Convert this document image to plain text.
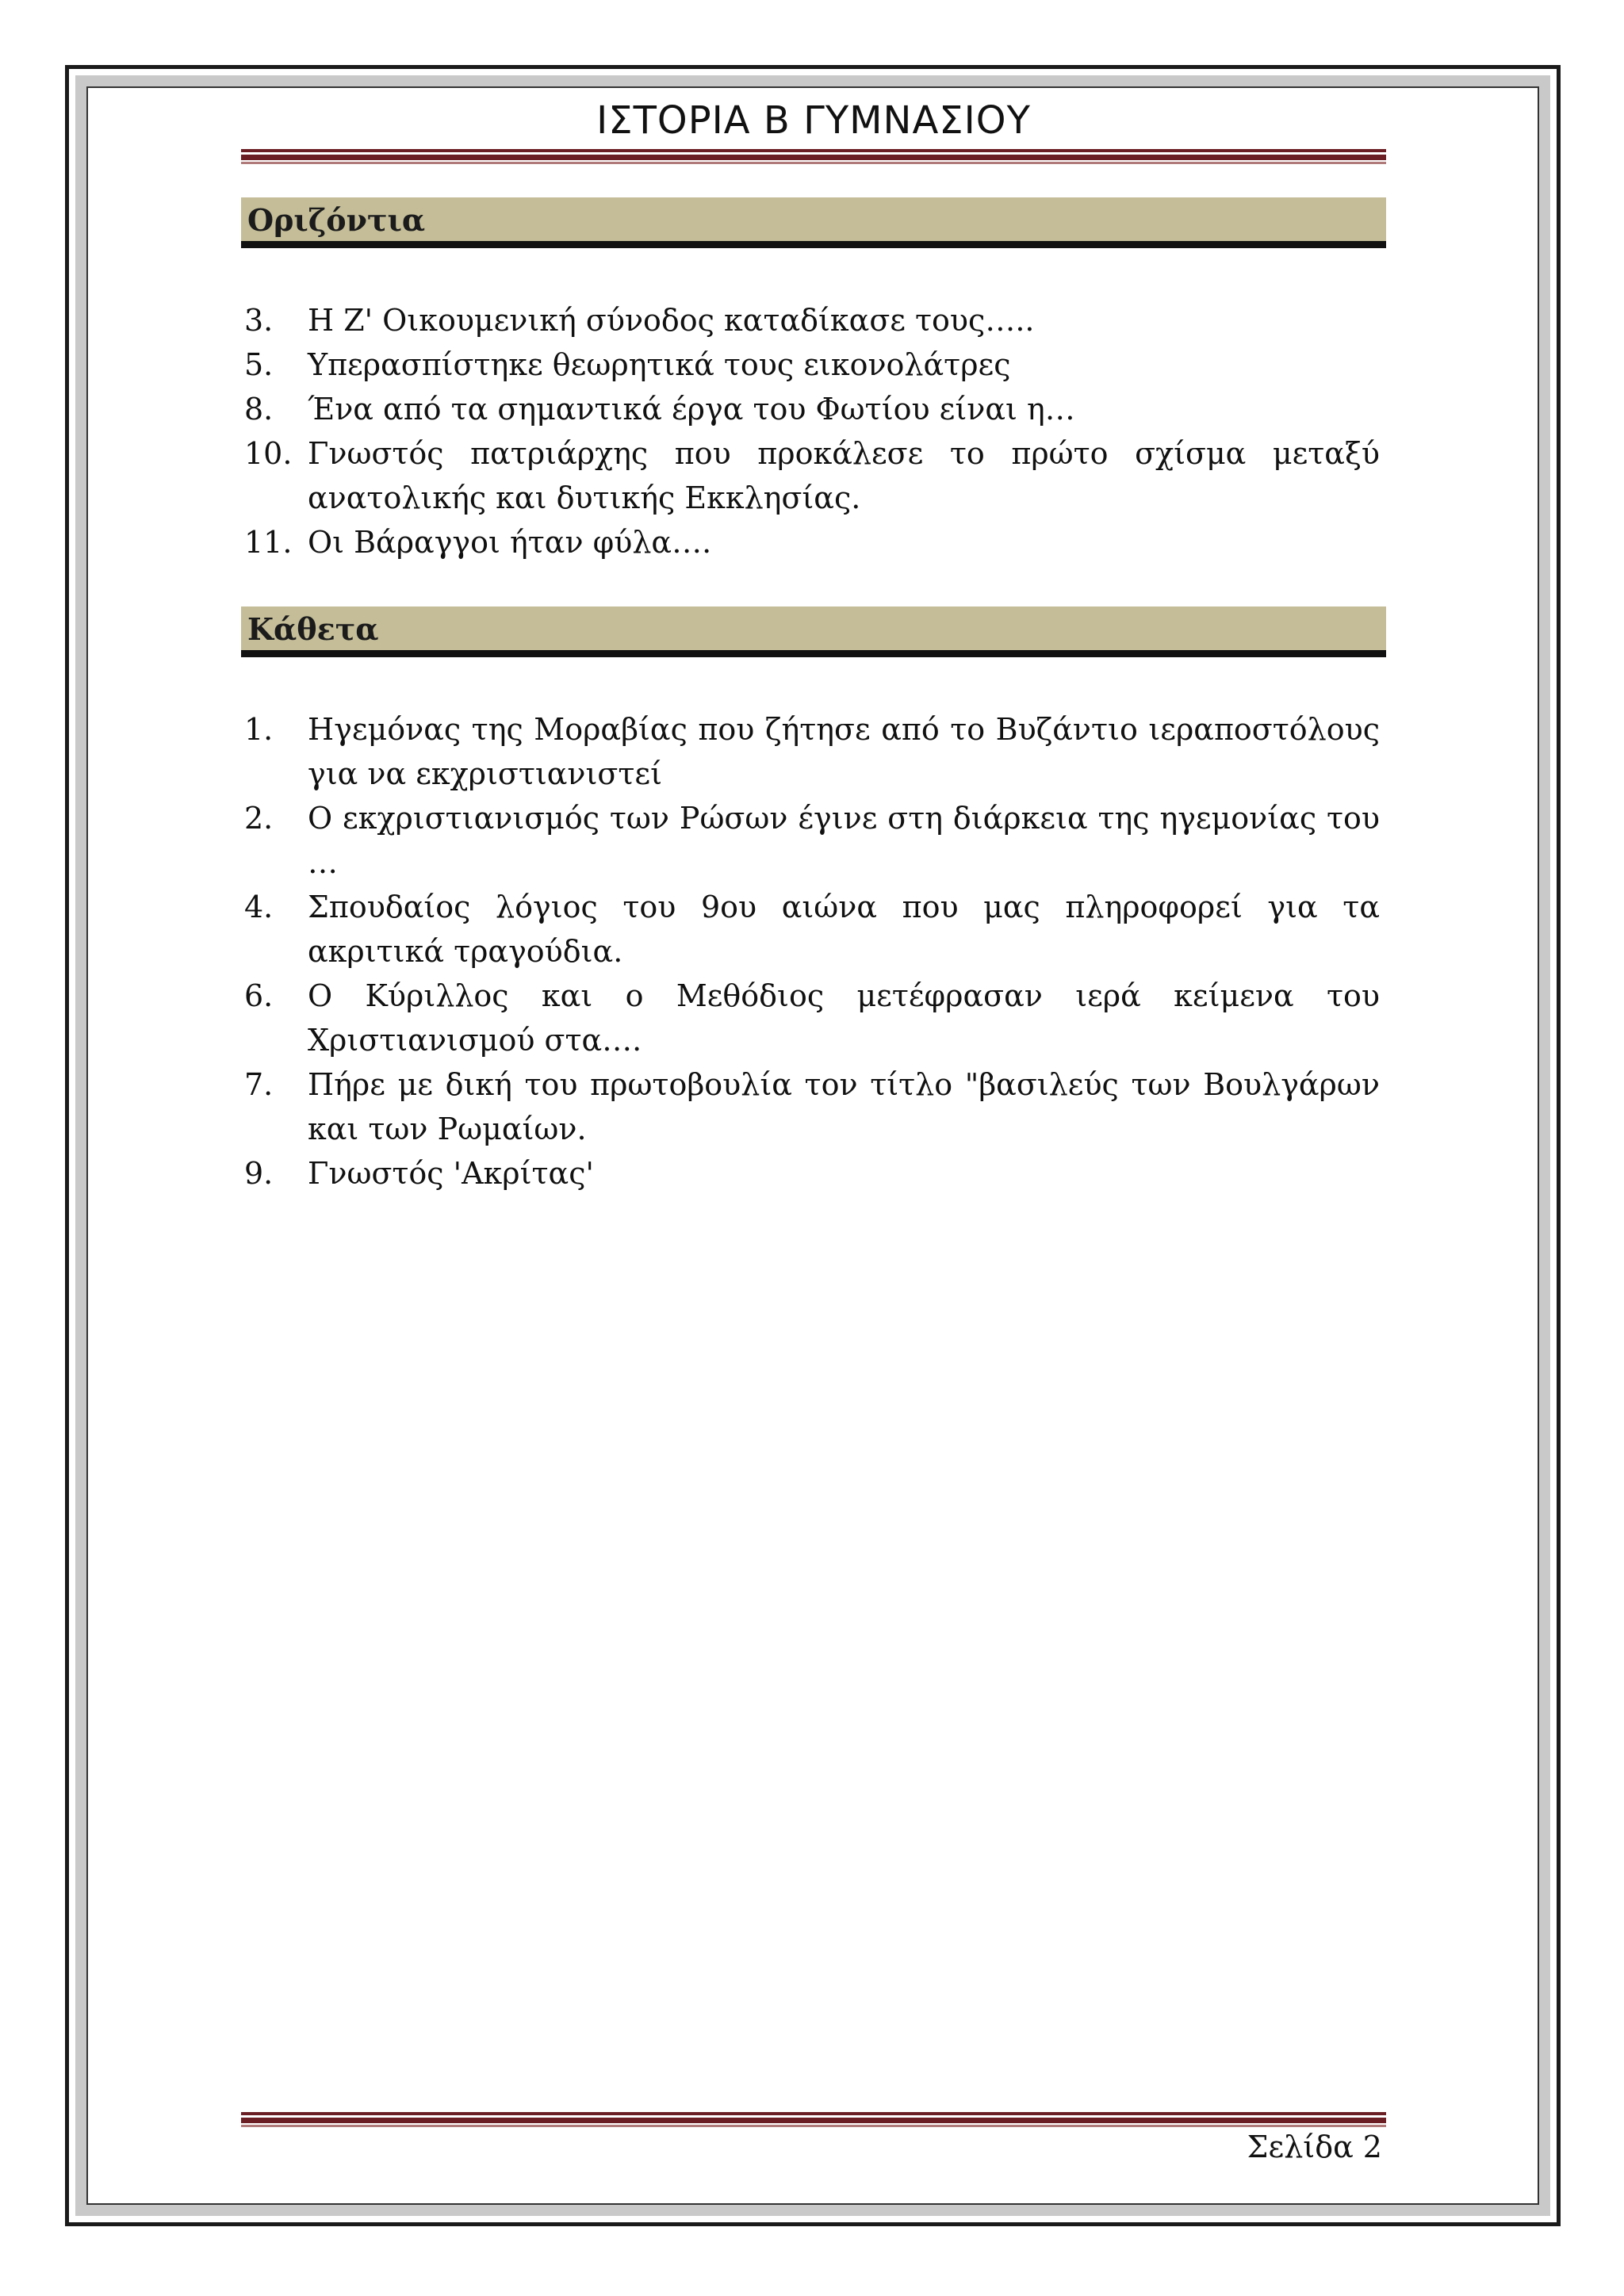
ΙΣΤΟΡΙΑ Β ΓΥΜΝΑΣΙΟΥ
Οριζόντια
3. Η Ζ' Οικουμενική σύνοδος καταδίκασε τους…..
5. Υπερασπίστηκε θεωρητικά τους εικονολάτρες
8. Ένα από τα σημαντικά έργα του Φωτίου είναι η…
10. Γνωστός πατριάρχης που προκάλεσε το πρώτο σχίσμα μεταξύ ανατολικής και δυτικής Εκκλησίας.
11. Οι Βάραγγοι ήταν φύλα….
Κάθετα
1. Ηγεμόνας της Μοραβίας που ζήτησε από το Βυζάντιο ιεραποστόλους για να εκχριστιανιστεί
2. Ο εκχριστιανισμός των Ρώσων έγινε στη διάρκεια της ηγεμονίας του …
4. Σπουδαίος λόγιος του 9ου αιώνα που μας πληροφορεί για τα ακριτικά τραγούδια.
6. Ο Κύριλλος και ο Μεθόδιος μετέφρασαν ιερά κείμενα του Χριστιανισμού στα….
7. Πήρε με δική του πρωτοβουλία τον τίτλο "βασιλεύς των Βουλγάρων και των Ρωμαίων.
9. Γνωστός 'Ακρίτας'
Σελίδα 2
